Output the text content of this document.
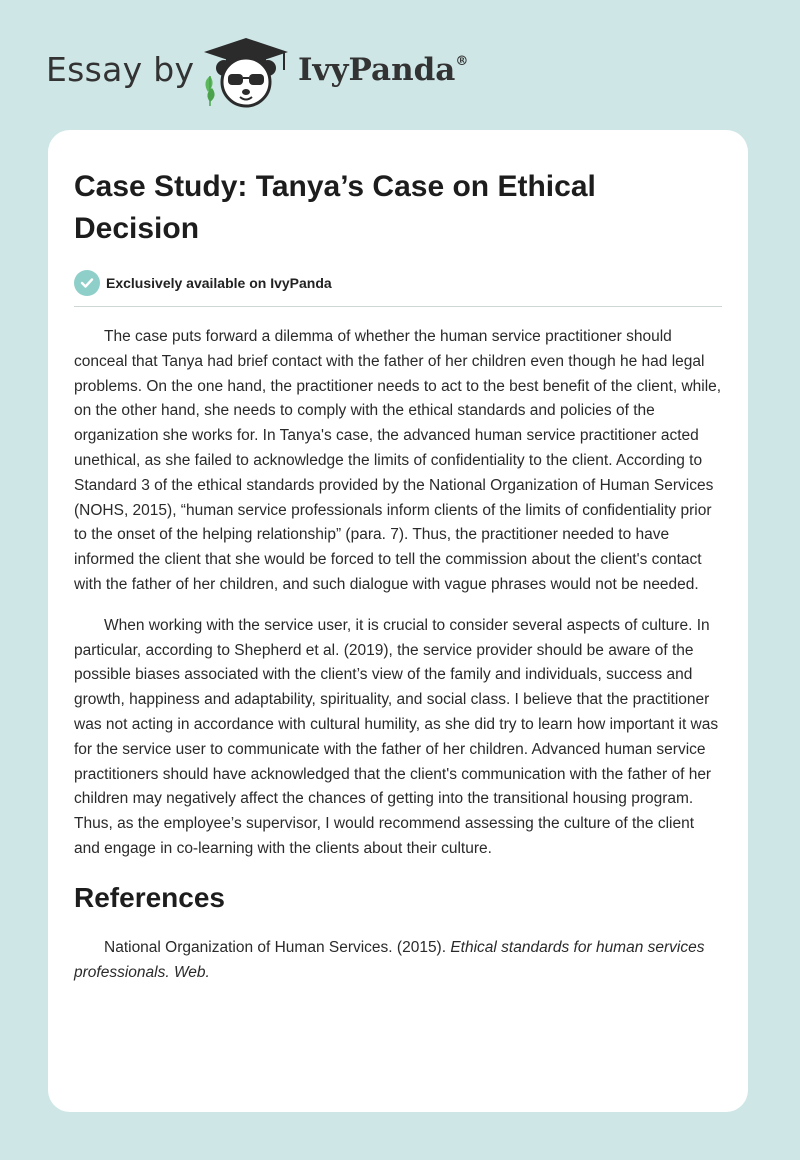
Essay by	IvyPanda®
Case Study: Tanya’s Case on Ethical Decision
Exclusively available on IvyPanda

The case puts forward a dilemma of whether the human service practitioner should conceal that Tanya had brief contact with the father of her children even though he had legal problems. On the one hand, the practitioner needs to act to the best benefit of the client, while, on the other hand, she needs to comply with the ethical standards and policies of the organization she works for. In Tanya's case, the advanced human service practitioner acted unethical, as she failed to acknowledge the limits of confidentiality to the client. According to Standard 3 of the ethical standards provided by the National Organization of Human Services (NOHS, 2015), “human service professionals inform clients of the limits of confidentiality prior to the onset of the helping relationship” (para. 7). Thus, the practitioner needed to have informed the client that she would be forced to tell the commission about the client's contact with the father of her children, and such dialogue with vague phrases would not be needed.

When working with the service user, it is crucial to consider several aspects of culture. In particular, according to Shepherd et al. (2019), the service provider should be aware of the possible biases associated with the client’s view of the family and individuals, success and growth, happiness and adaptability, spirituality, and social class. I believe that the practitioner was not acting in accordance with cultural humility, as she did try to learn how important it was for the service user to communicate with the father of her children. Advanced human service practitioners should have acknowledged that the client's communication with the father of her children may negatively affect the chances of getting into the transitional housing program. Thus, as the employee’s supervisor, I would recommend assessing the culture of the client and engage in co-learning with the clients about their culture.

References

National Organization of Human Services. (2015). Ethical standards for human services professionals. Web.
